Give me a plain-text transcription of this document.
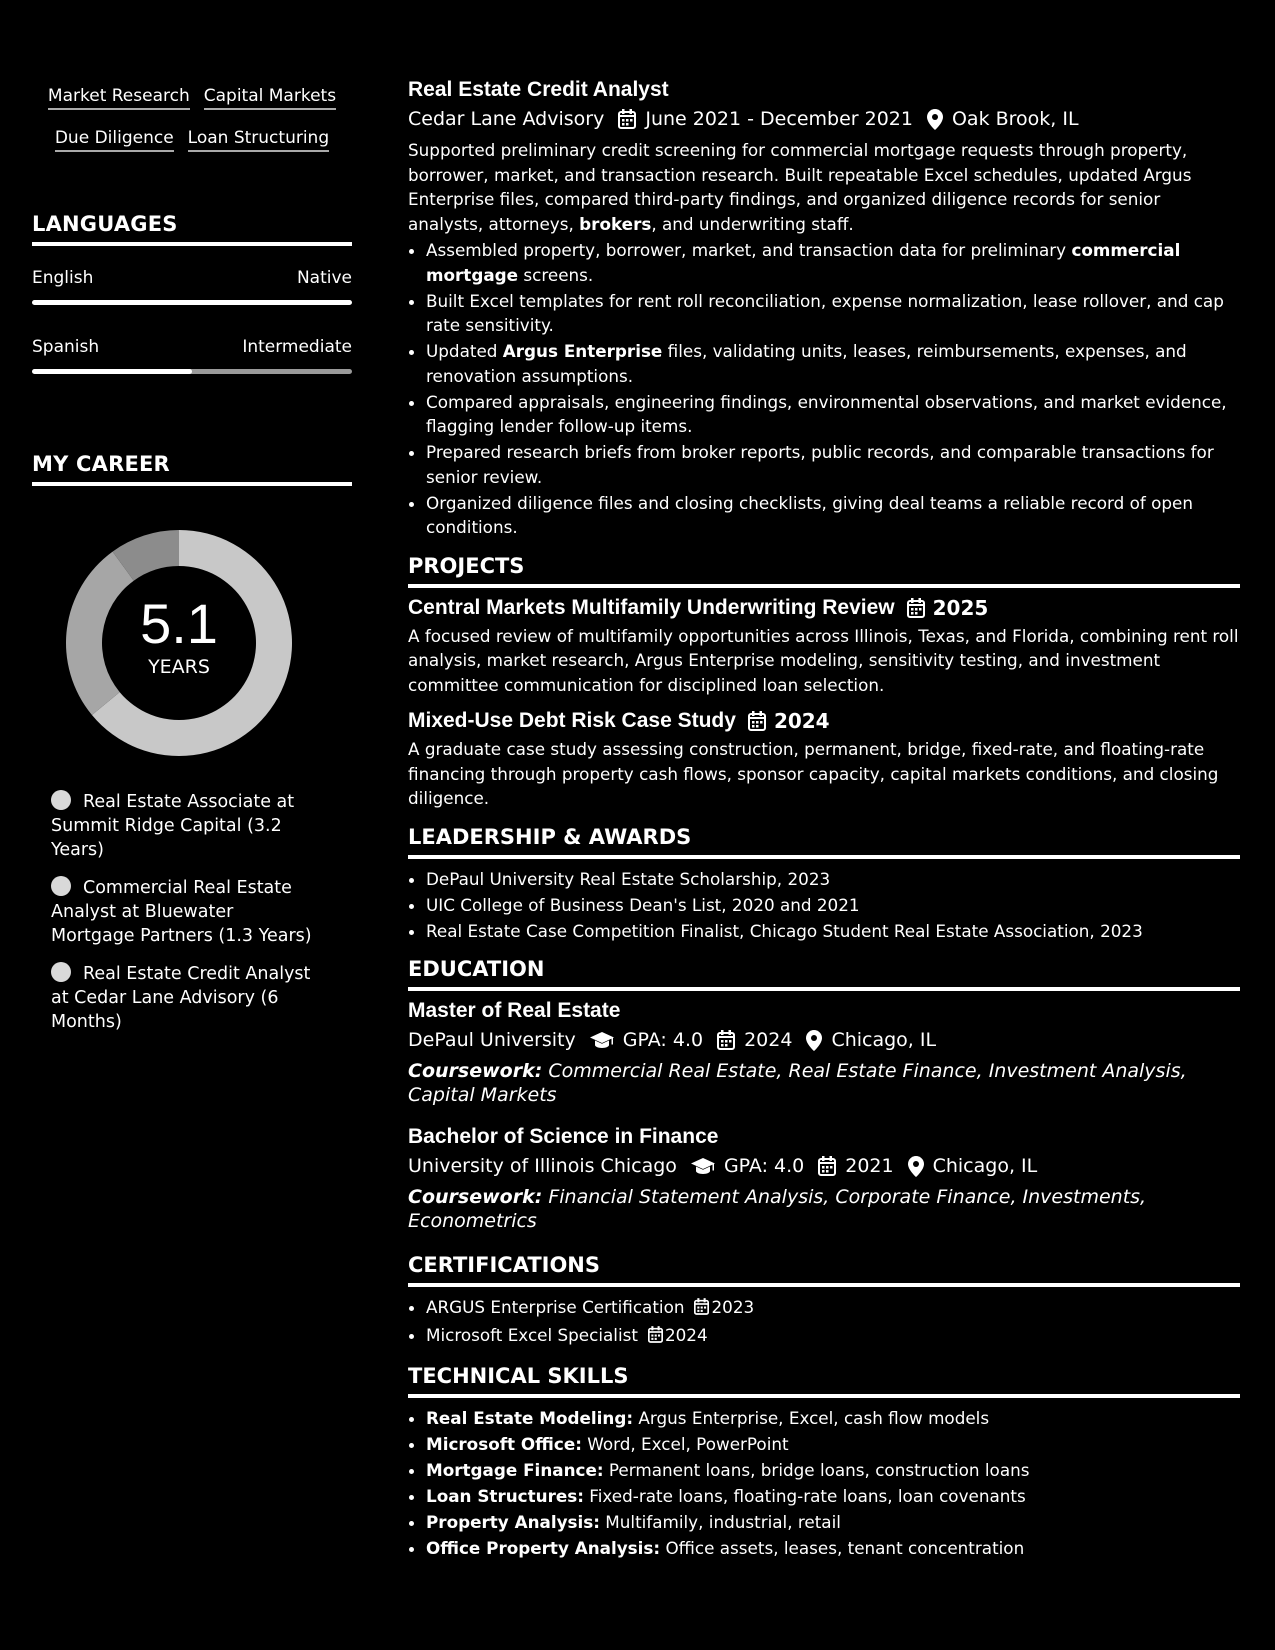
Market Research Capital Markets
Due Diligence Loan Structuring
LANGUAGES
English	Native
Spanish	Intermediate
MY CAREER
5.1
YEARS
Real Estate Associate at Summit Ridge Capital (3.2 Years)
Commercial Real Estate Analyst at Bluewater Mortgage Partners (1.3 Years)
Real Estate Credit Analyst at Cedar Lane Advisory (6 Months)
Real Estate Credit Analyst
Cedar Lane Advisory June 2021 - December 2021 Oak Brook, IL
Supported preliminary credit screening for commercial mortgage requests through property, borrower, market, and transaction research. Built repeatable Excel schedules, updated Argus Enterprise files, compared third-party findings, and organized diligence records for senior analysts, attorneys, brokers, and underwriting staff.
• Assembled property, borrower, market, and transaction data for preliminary commercial mortgage screens.
• Built Excel templates for rent roll reconciliation, expense normalization, lease rollover, and cap rate sensitivity.
• Updated Argus Enterprise files, validating units, leases, reimbursements, expenses, and renovation assumptions.
• Compared appraisals, engineering findings, environmental observations, and market evidence, flagging lender follow-up items.
• Prepared research briefs from broker reports, public records, and comparable transactions for senior review.
• Organized diligence files and closing checklists, giving deal teams a reliable record of open conditions.
PROJECTS
Central Markets Multifamily Underwriting Review 2025
A focused review of multifamily opportunities across Illinois, Texas, and Florida, combining rent roll analysis, market research, Argus Enterprise modeling, sensitivity testing, and investment committee communication for disciplined loan selection.
Mixed-Use Debt Risk Case Study 2024
A graduate case study assessing construction, permanent, bridge, fixed-rate, and floating-rate financing through property cash flows, sponsor capacity, capital markets conditions, and closing diligence.
LEADERSHIP & AWARDS
• DePaul University Real Estate Scholarship, 2023
• UIC College of Business Dean's List, 2020 and 2021
• Real Estate Case Competition Finalist, Chicago Student Real Estate Association, 2023
EDUCATION
Master of Real Estate
DePaul University GPA: 4.0 2024 Chicago, IL
Coursework: Commercial Real Estate, Real Estate Finance, Investment Analysis, Capital Markets
Bachelor of Science in Finance
University of Illinois Chicago GPA: 4.0 2021 Chicago, IL
Coursework: Financial Statement Analysis, Corporate Finance, Investments, Econometrics
CERTIFICATIONS
• ARGUS Enterprise Certification 2023
• Microsoft Excel Specialist 2024
TECHNICAL SKILLS
• Real Estate Modeling: Argus Enterprise, Excel, cash flow models
• Microsoft Office: Word, Excel, PowerPoint
• Mortgage Finance: Permanent loans, bridge loans, construction loans
• Loan Structures: Fixed-rate loans, floating-rate loans, loan covenants
• Property Analysis: Multifamily, industrial, retail
• Office Property Analysis: Office assets, leases, tenant concentration
